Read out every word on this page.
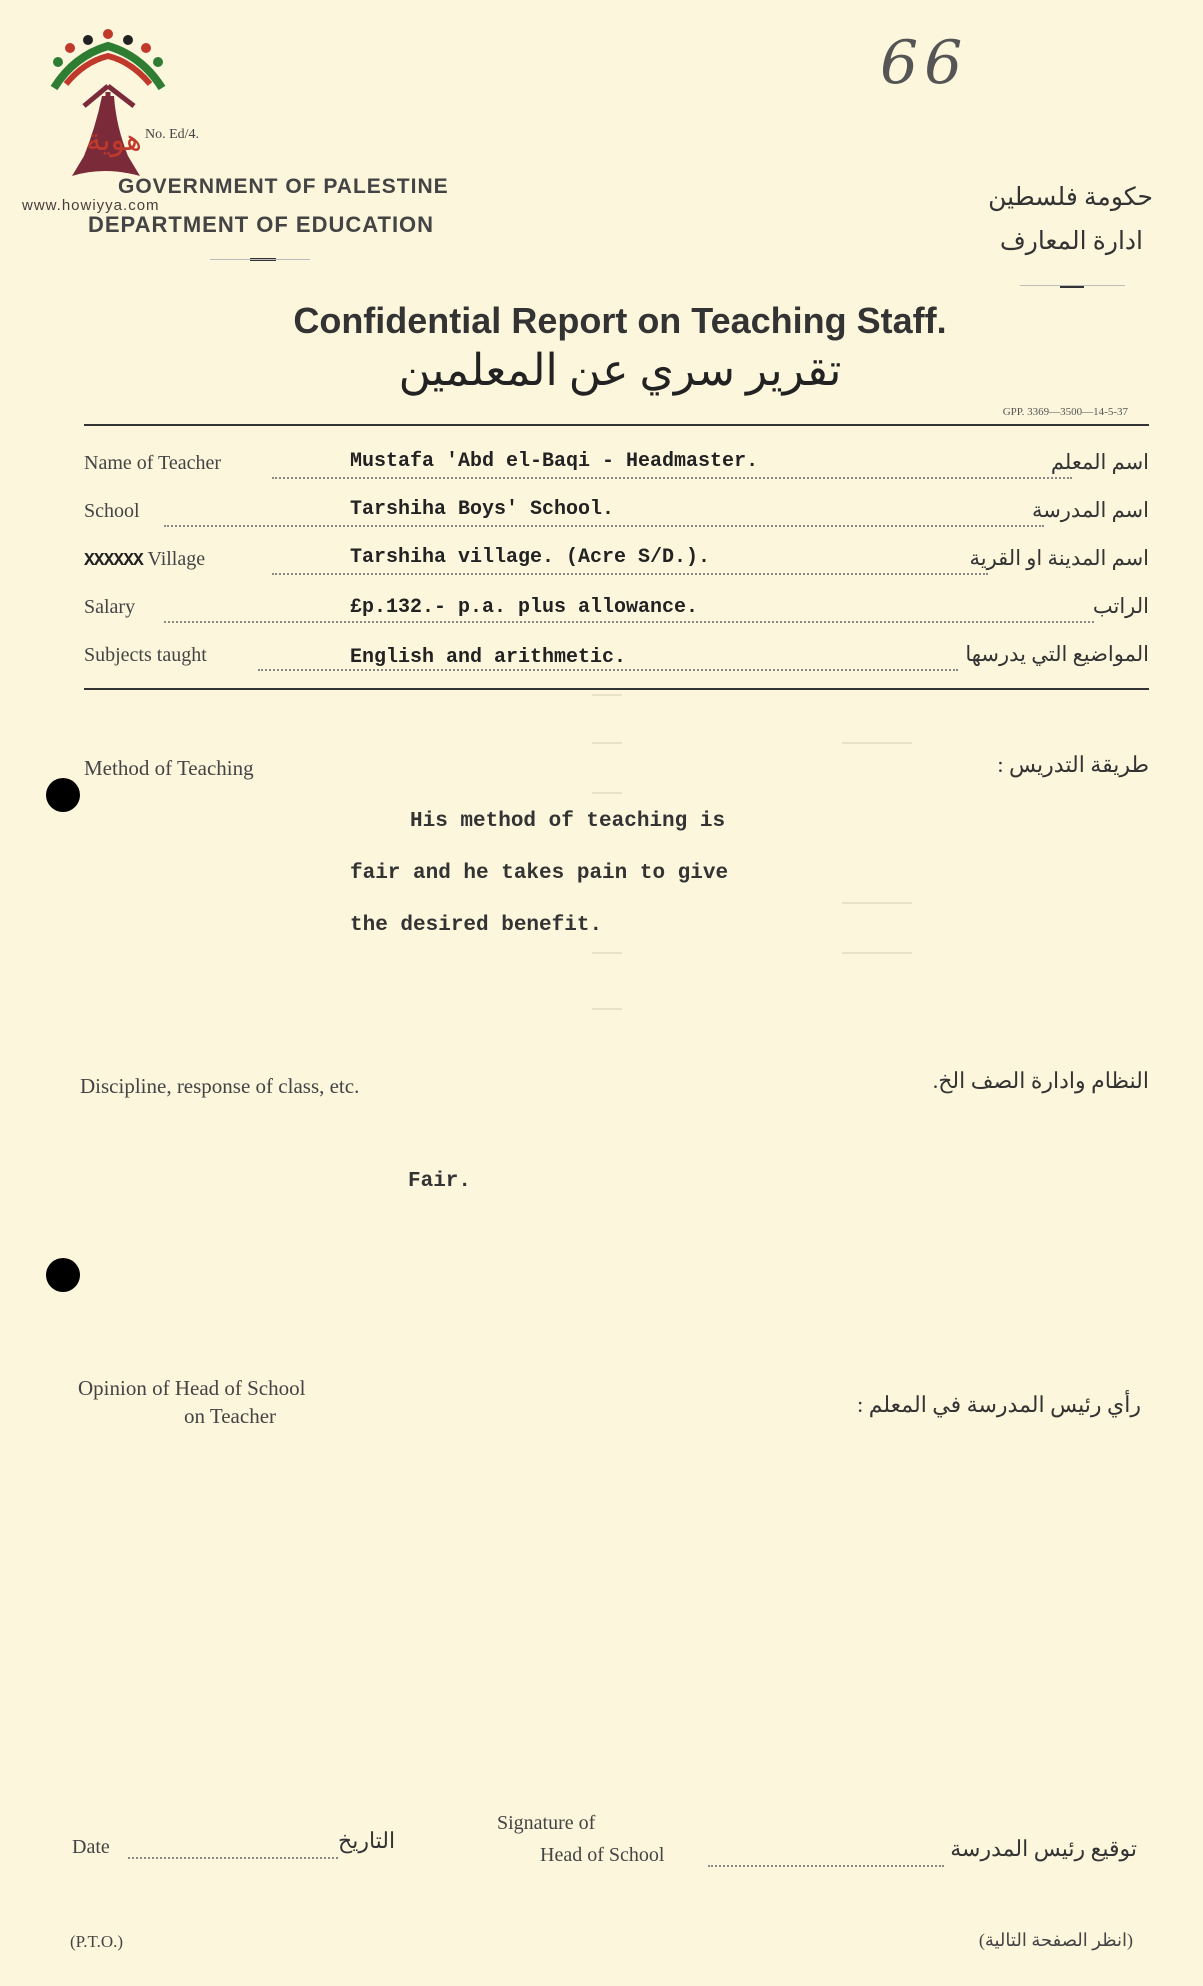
هوية
www.howiyya.com
No. Ed/4.
GOVERNMENT OF PALESTINE
DEPARTMENT OF EDUCATION
66
حكومة فلسطين
ادارة المعارف
Confidential Report on Teaching Staff.
تقرير سري عن المعلمين
GPP. 3369—3500—14-5-37
Name of Teacher	Mustafa 'Abd el-Baqi - Headmaster.	اسم المعلم
School	Tarshiha Boys' School.	اسم المدرسة
XXXXXX Village	Tarshiha village. (Acre S/D.).	اسم المدينة او القرية
Salary	£p.132.- p.a. plus allowance.	الراتب
Subjects taught	English and arithmetic.	المواضيع التي يدرسها
Method of Teaching	طريقة التدريس :
His method of teaching is
fair and he takes pain to give
the desired benefit.
Discipline, response of class, etc.	النظام وادارة الصف الخ.
Fair.
Opinion of Head of School
on Teacher	رأي رئيس المدرسة في المعلم :
Date	التاريخ
Signature of
Head of School	توقيع رئيس المدرسة
(P.T.O.)	(انظر الصفحة التالية)
